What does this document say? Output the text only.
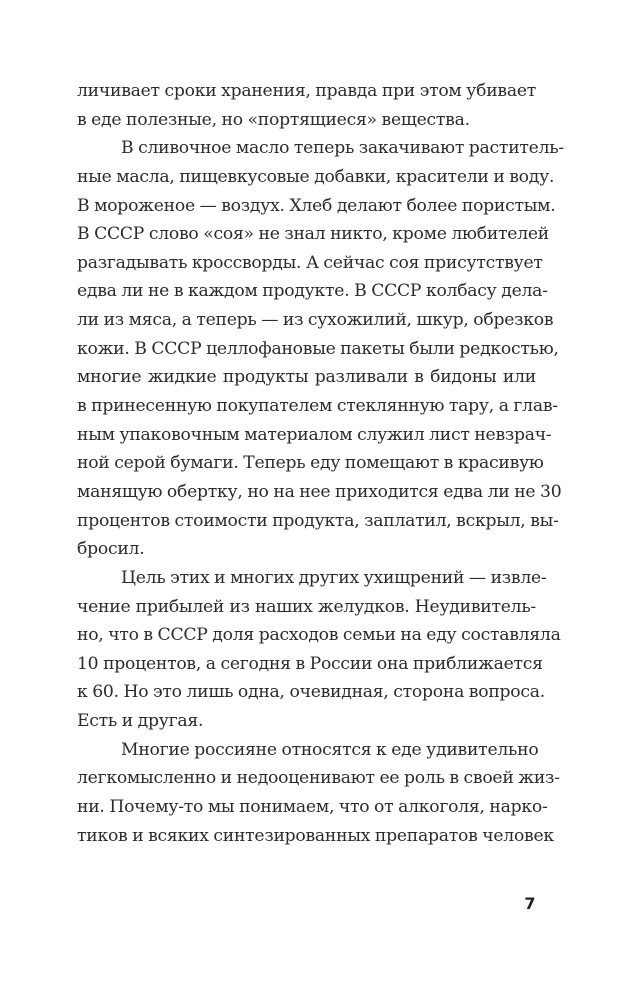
личивает сроки хранения, правда при этом убивает
в еде полезные, но «портящиеся» вещества.
В сливочное масло теперь закачивают раститель-
ные масла, пищевкусовые добавки, красители и воду.
В мороженое — воздух. Хлеб делают более пористым.
В СССР слово «соя» не знал никто, кроме любителей
разгадывать кроссворды. А сейчас соя присутствует
едва ли не в каждом продукте. В СССР колбасу дела-
ли из мяса, а теперь — из сухожилий, шкур, обрезков
кожи. В СССР целлофановые пакеты были редкостью,
многие жидкие продукты разливали в бидоны или
в принесенную покупателем стеклянную тару, а глав-
ным упаковочным материалом служил лист невзрач-
ной серой бумаги. Теперь еду помещают в красивую
манящую обертку, но на нее приходится едва ли не 30
процентов стоимости продукта, заплатил, вскрыл, вы-
бросил.
Цель этих и многих других ухищрений — извле-
чение прибылей из наших желудков. Неудивитель-
но, что в СССР доля расходов семьи на еду составляла
10 процентов, а сегодня в России она приближается
к 60. Но это лишь одна, очевидная, сторона вопроса.
Есть и другая.
Многие россияне относятся к еде удивительно
легкомысленно и недооценивают ее роль в своей жиз-
ни. Почему-то мы понимаем, что от алкоголя, нарко-
тиков и всяких синтезированных препаратов человек
7
